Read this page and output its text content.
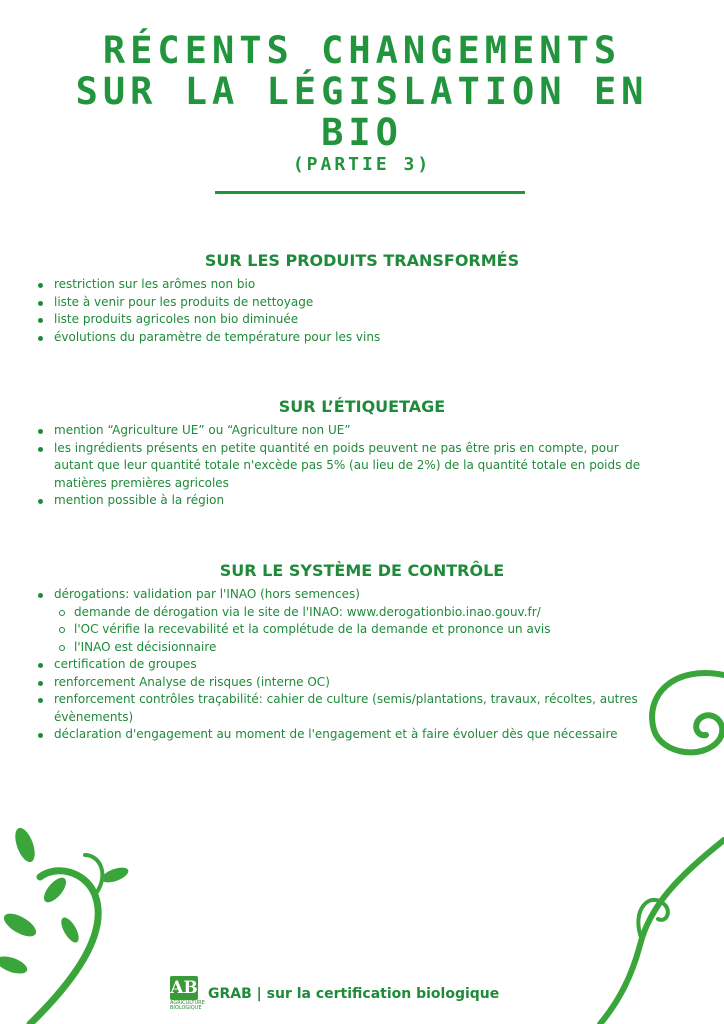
RÉCENTS CHANGEMENTS
SUR LA LÉGISLATION EN
BIO
(PARTIE 3)
SUR LES PRODUITS TRANSFORMÉS
restriction sur les arômes non bio
liste à venir pour les produits de nettoyage
liste produits agricoles non bio diminuée
évolutions du paramètre de température pour les vins
SUR L’ÉTIQUETAGE
mention “Agriculture UE” ou “Agriculture non UE”
les ingrédients présents en petite quantité en poids peuvent ne pas être pris en compte, pour autant que leur quantité totale n'excède pas 5% (au lieu de 2%) de la quantité totale en poids de matières premières agricoles
mention possible à la région
SUR LE SYSTÈME DE CONTRÔLE
dérogations: validation par l'INAO (hors semences)
demande de dérogation via le site de l'INAO: www.derogationbio.inao.gouv.fr/
l'OC vérifie la recevabilité et la complétude de la demande et prononce un avis
l'INAO est décisionnaire
certification de groupes
renforcement Analyse de risques (interne OC)
renforcement contrôles traçabilité: cahier de culture (semis/plantations, travaux, récoltes, autres évènements)
déclaration d'engagement au moment de l'engagement et à faire évoluer dès que nécessaire
AB
AGRICULTURE BIOLOGIQUE
GRAB | sur la certification biologique
